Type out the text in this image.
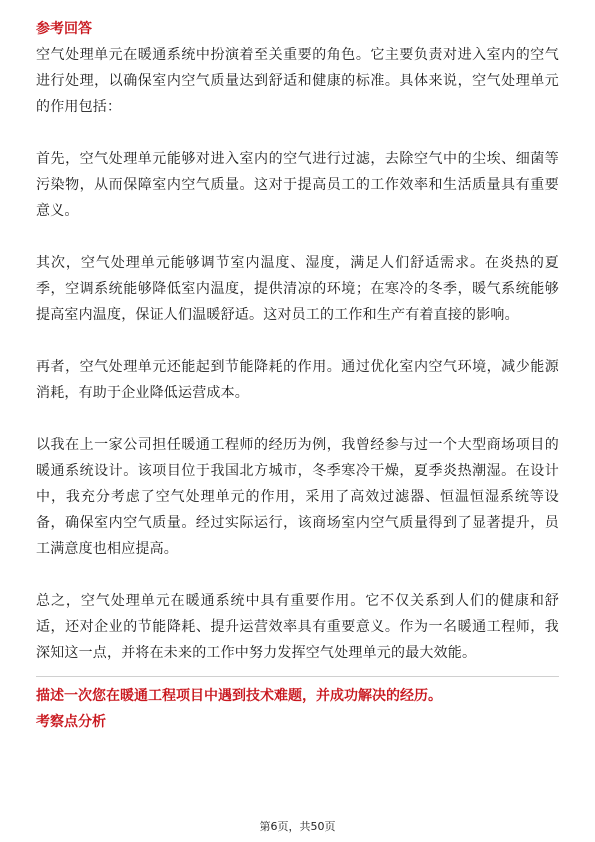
参考回答

空气处理单元在暖通系统中扮演着至关重要的角色。它主要负责对进入室内的空气进行处理，以确保室内空气质量达到舒适和健康的标准。具体来说，空气处理单元的作用包括：

首先，空气处理单元能够对进入室内的空气进行过滤，去除空气中的尘埃、细菌等污染物，从而保障室内空气质量。这对于提高员工的工作效率和生活质量具有重要意义。

其次，空气处理单元能够调节室内温度、湿度，满足人们舒适需求。在炎热的夏季，空调系统能够降低室内温度，提供清凉的环境；在寒冷的冬季，暖气系统能够提高室内温度，保证人们温暖舒适。这对员工的工作和生产有着直接的影响。

再者，空气处理单元还能起到节能降耗的作用。通过优化室内空气环境，减少能源消耗，有助于企业降低运营成本。

以我在上一家公司担任暖通工程师的经历为例，我曾经参与过一个大型商场项目的暖通系统设计。该项目位于我国北方城市，冬季寒冷干燥，夏季炎热潮湿。在设计中，我充分考虑了空气处理单元的作用，采用了高效过滤器、恒温恒湿系统等设备，确保室内空气质量。经过实际运行，该商场室内空气质量得到了显著提升，员工满意度也相应提高。

总之，空气处理单元在暖通系统中具有重要作用。它不仅关系到人们的健康和舒适，还对企业的节能降耗、提升运营效率具有重要意义。作为一名暖通工程师，我深知这一点，并将在未来的工作中努力发挥空气处理单元的最大效能。

描述一次您在暖通工程项目中遇到技术难题，并成功解决的经历。

考察点分析

第6页，共50页
